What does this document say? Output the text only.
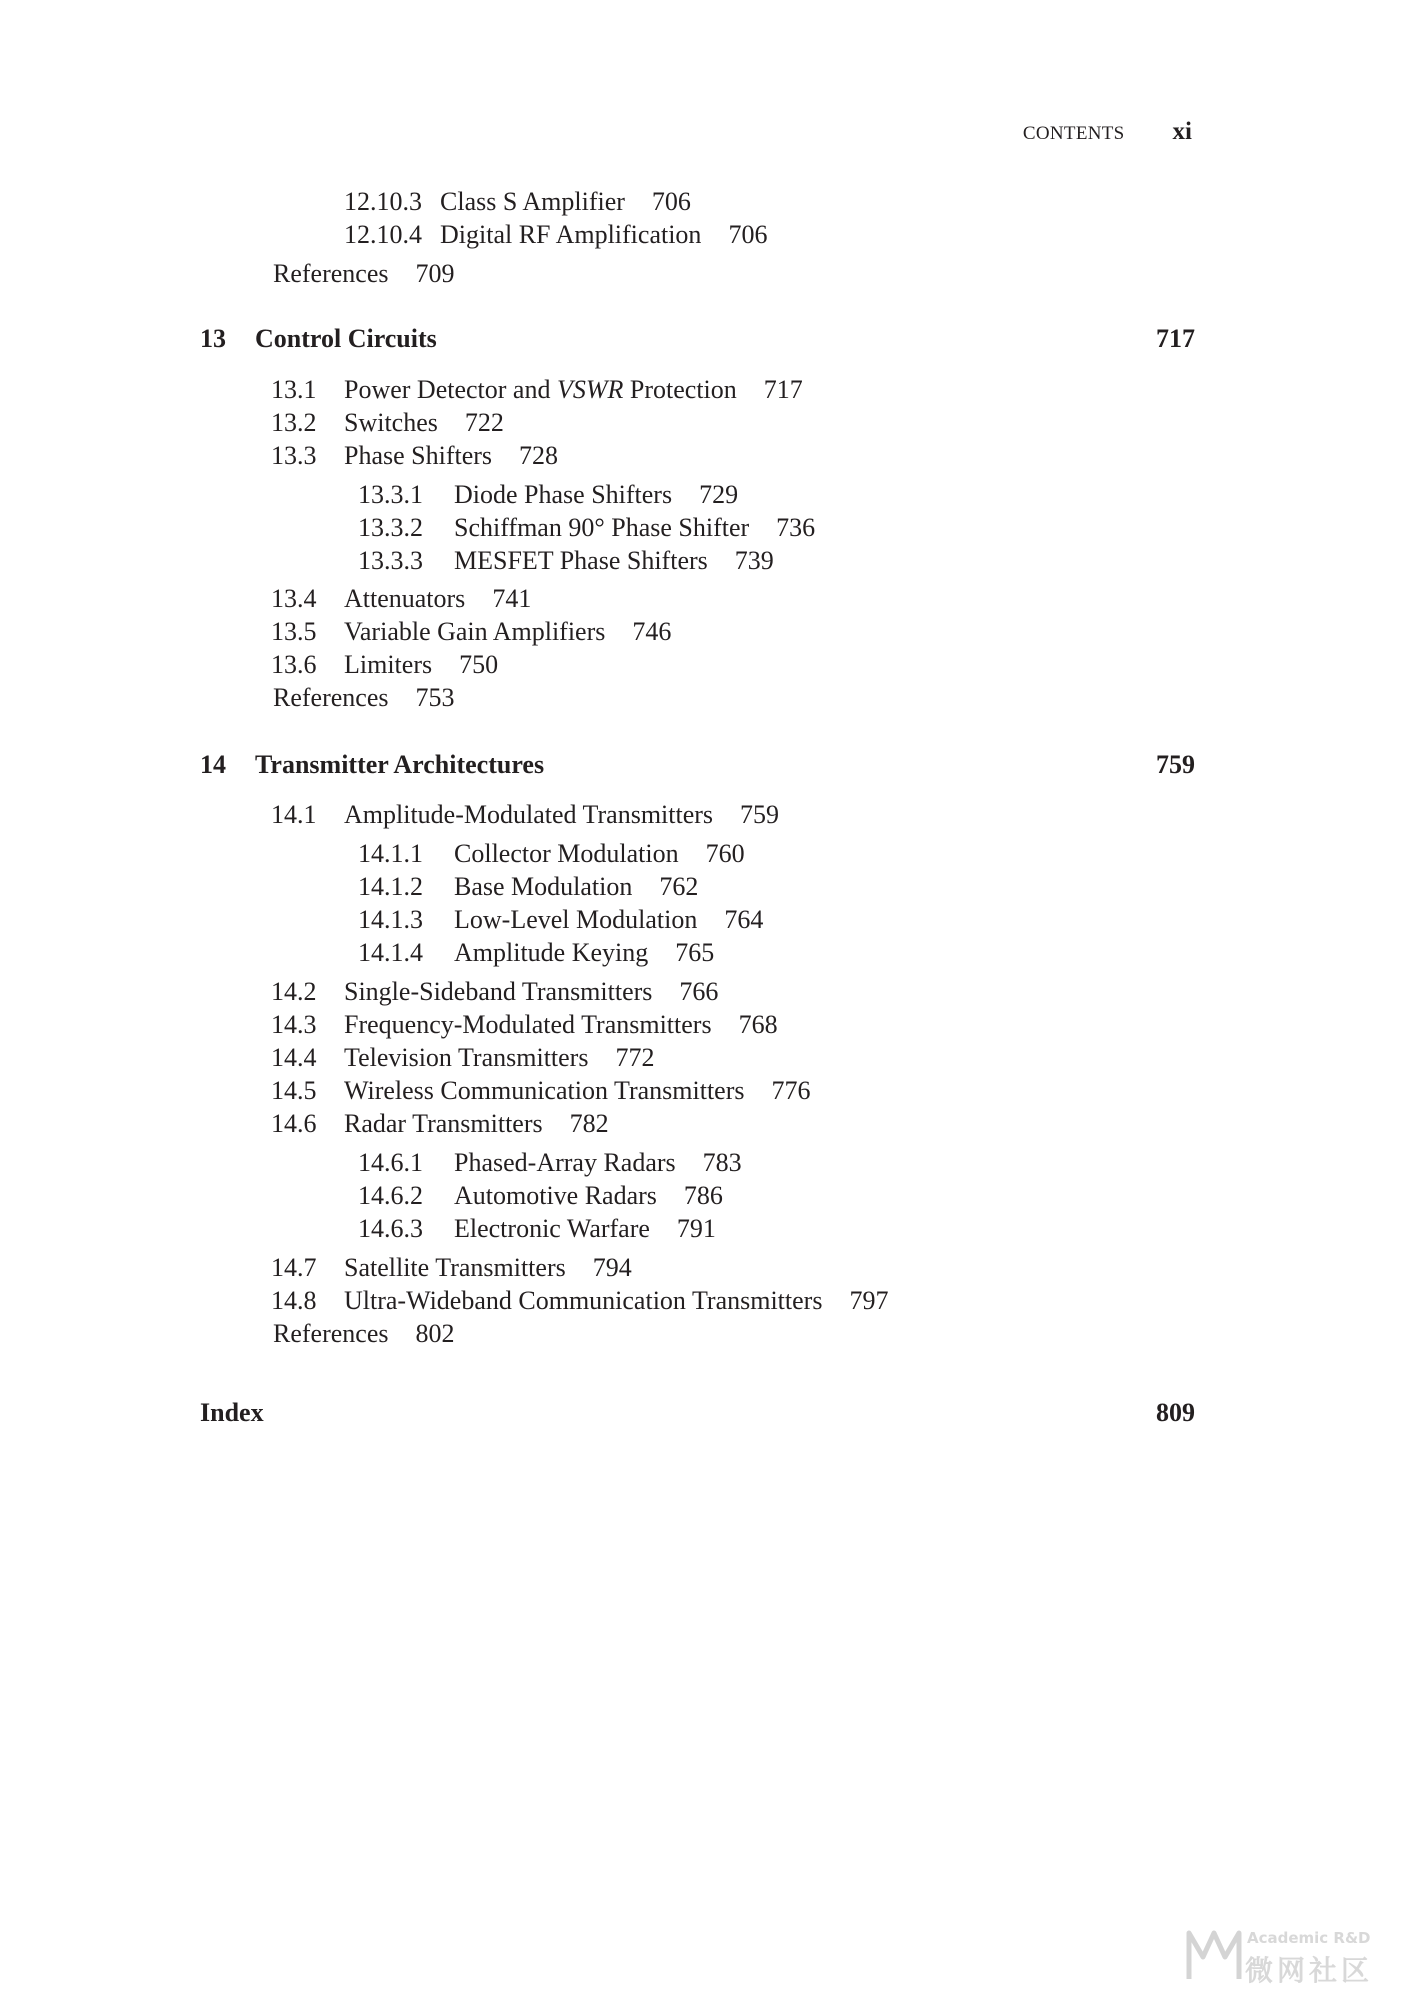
CONTENTS xi
12.10.3 Class S Amplifier 706
12.10.4 Digital RF Amplification 706
References 709
13 Control Circuits	717
13.1 Power Detector and VSWR Protection 717
13.2 Switches 722
13.3 Phase Shifters 728
13.3.1 Diode Phase Shifters 729
13.3.2 Schiffman 90° Phase Shifter 736
13.3.3 MESFET Phase Shifters 739
13.4 Attenuators 741
13.5 Variable Gain Amplifiers 746
13.6 Limiters 750
References 753
14 Transmitter Architectures	759
14.1 Amplitude-Modulated Transmitters 759
14.1.1 Collector Modulation 760
14.1.2 Base Modulation 762
14.1.3 Low-Level Modulation 764
14.1.4 Amplitude Keying 765
14.2 Single-Sideband Transmitters 766
14.3 Frequency-Modulated Transmitters 768
14.4 Television Transmitters 772
14.5 Wireless Communication Transmitters 776
14.6 Radar Transmitters 782
14.6.1 Phased-Array Radars 783
14.6.2 Automotive Radars 786
14.6.3 Electronic Warfare 791
14.7 Satellite Transmitters 794
14.8 Ultra-Wideband Communication Transmitters 797
References 802
Index	809
Academic R&D
微网社区
